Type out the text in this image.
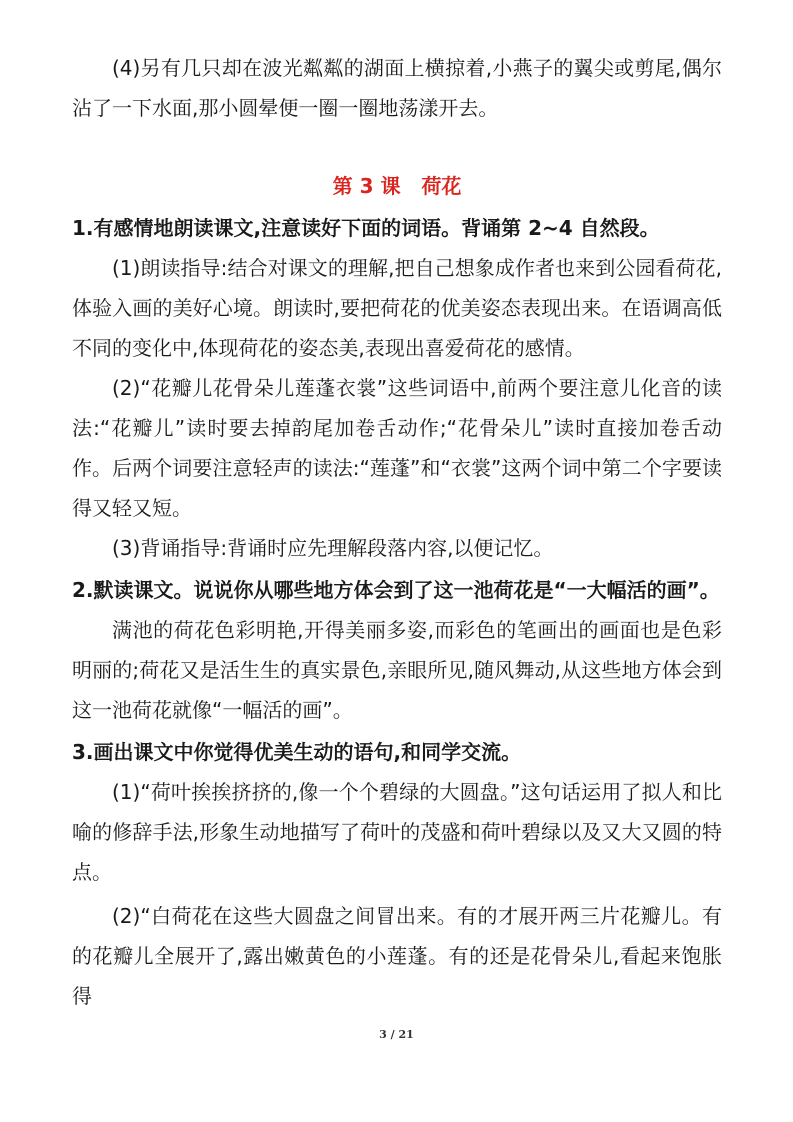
(4)另有几只却在波光粼粼的湖面上横掠着,小燕子的翼尖或剪尾,偶尔沾了一下水面,那小圆晕便一圈一圈地荡漾开去。

第 3 课   荷花

1.有感情地朗读课文,注意读好下面的词语。背诵第 2~4 自然段。

(1)朗读指导:结合对课文的理解,把自己想象成作者也来到公园看荷花,体验入画的美好心境。朗读时,要把荷花的优美姿态表现出来。在语调高低不同的变化中,体现荷花的姿态美,表现出喜爱荷花的感情。

(2)“花瓣儿花骨朵儿莲蓬衣裳”这些词语中,前两个要注意儿化音的读法:“花瓣儿”读时要去掉韵尾加卷舌动作;“花骨朵儿”读时直接加卷舌动作。后两个词要注意轻声的读法:“莲蓬”和“衣裳”这两个词中第二个字要读得又轻又短。

(3)背诵指导:背诵时应先理解段落内容,以便记忆。

2.默读课文。说说你从哪些地方体会到了这一池荷花是“一大幅活的画”。

满池的荷花色彩明艳,开得美丽多姿,而彩色的笔画出的画面也是色彩明丽的;荷花又是活生生的真实景色,亲眼所见,随风舞动,从这些地方体会到这一池荷花就像“一幅活的画”。

3.画出课文中你觉得优美生动的语句,和同学交流。

(1)“荷叶挨挨挤挤的,像一个个碧绿的大圆盘。”这句话运用了拟人和比喻的修辞手法,形象生动地描写了荷叶的茂盛和荷叶碧绿以及又大又圆的特点。

(2)“白荷花在这些大圆盘之间冒出来。有的才展开两三片花瓣儿。有的花瓣儿全展开了,露出嫩黄色的小莲蓬。有的还是花骨朵儿,看起来饱胀得

3 / 21
